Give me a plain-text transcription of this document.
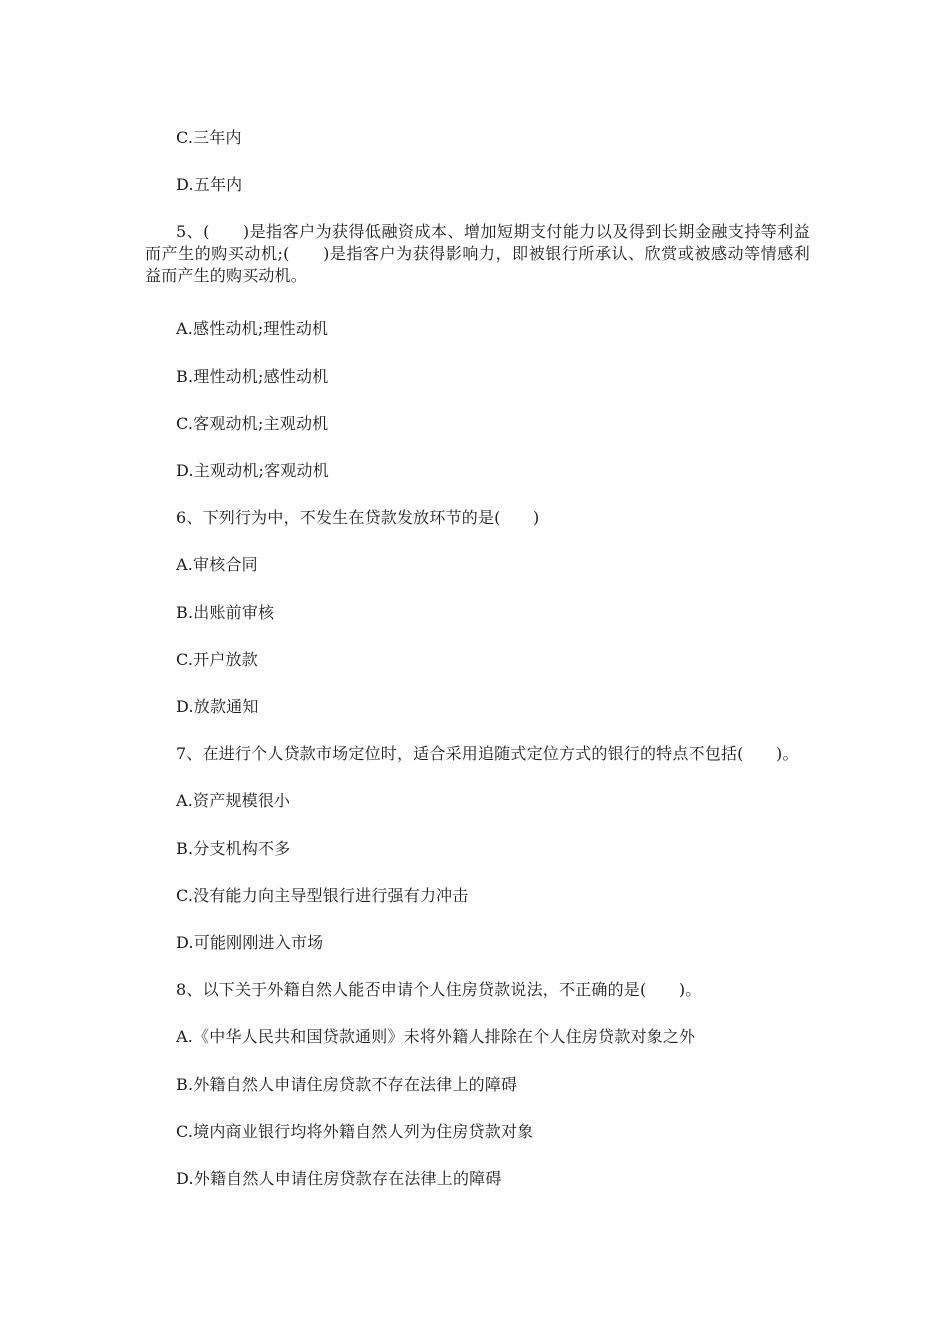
C.三年内
D.五年内
5、(　　)是指客户为获得低融资成本、增加短期支付能力以及得到长期金融支持等利益而产生的购买动机;(　　)是指客户为获得影响力，即被银行所承认、欣赏或被感动等情感利益而产生的购买动机。
A.感性动机;理性动机
B.理性动机;感性动机
C.客观动机;主观动机
D.主观动机;客观动机
6、下列行为中，不发生在贷款发放环节的是(　　)
A.审核合同
B.出账前审核
C.开户放款
D.放款通知
7、在进行个人贷款市场定位时，适合采用追随式定位方式的银行的特点不包括(　　)。
A.资产规模很小
B.分支机构不多
C.没有能力向主导型银行进行强有力冲击
D.可能刚刚进入市场
8、以下关于外籍自然人能否申请个人住房贷款说法，不正确的是(　　)。
A.《中华人民共和国贷款通则》未将外籍人排除在个人住房贷款对象之外
B.外籍自然人申请住房贷款不存在法律上的障碍
C.境内商业银行均将外籍自然人列为住房贷款对象
D.外籍自然人申请住房贷款存在法律上的障碍
